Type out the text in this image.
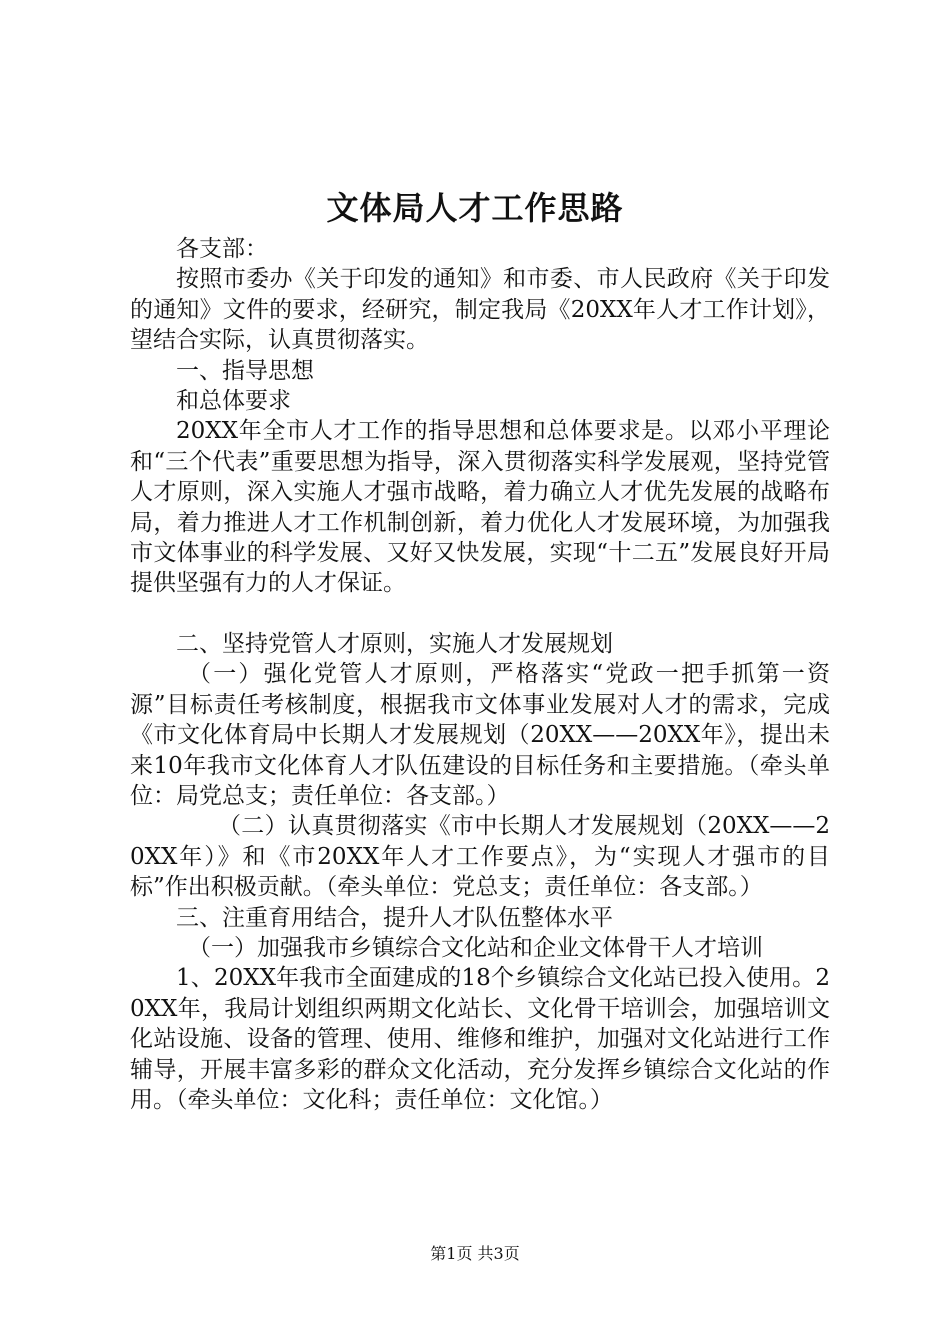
文体局人才工作思路

各支部：

按照市委办《关于印发的通知》和市委、市人民政府《关于印发的通知》文件的要求，经研究，制定我局《20XX年人才工作计划》，望结合实际，认真贯彻落实。

一、指导思想

和总体要求

20XX年全市人才工作的指导思想和总体要求是。以邓小平理论和“三个代表”重要思想为指导，深入贯彻落实科学发展观，坚持党管人才原则，深入实施人才强市战略，着力确立人才优先发展的战略布局，着力推进人才工作机制创新，着力优化人才发展环境，为加强我市文体事业的科学发展、又好又快发展，实现“十二五”发展良好开局提供坚强有力的人才保证。

二、坚持党管人才原则，实施人才发展规划

（一）强化党管人才原则，严格落实“党政一把手抓第一资源”目标责任考核制度，根据我市文体事业发展对人才的需求，完成《市文化体育局中长期人才发展规划（20XX——20XX年》，提出未来10年我市文化体育人才队伍建设的目标任务和主要措施。（牵头单位：局党总支；责任单位：各支部。）

（二）认真贯彻落实《市中长期人才发展规划（20XX——20XX年）》和《市20XX年人才工作要点》，为“实现人才强市的目标”作出积极贡献。（牵头单位：党总支；责任单位：各支部。）

三、注重育用结合，提升人才队伍整体水平

（一）加强我市乡镇综合文化站和企业文体骨干人才培训

1、20XX年我市全面建成的18个乡镇综合文化站已投入使用。20XX年，我局计划组织两期文化站长、文化骨干培训会，加强培训文化站设施、设备的管理、使用、维修和维护，加强对文化站进行工作辅导，开展丰富多彩的群众文化活动，充分发挥乡镇综合文化站的作用。（牵头单位：文化科；责任单位：文化馆。）

第1页 共3页
